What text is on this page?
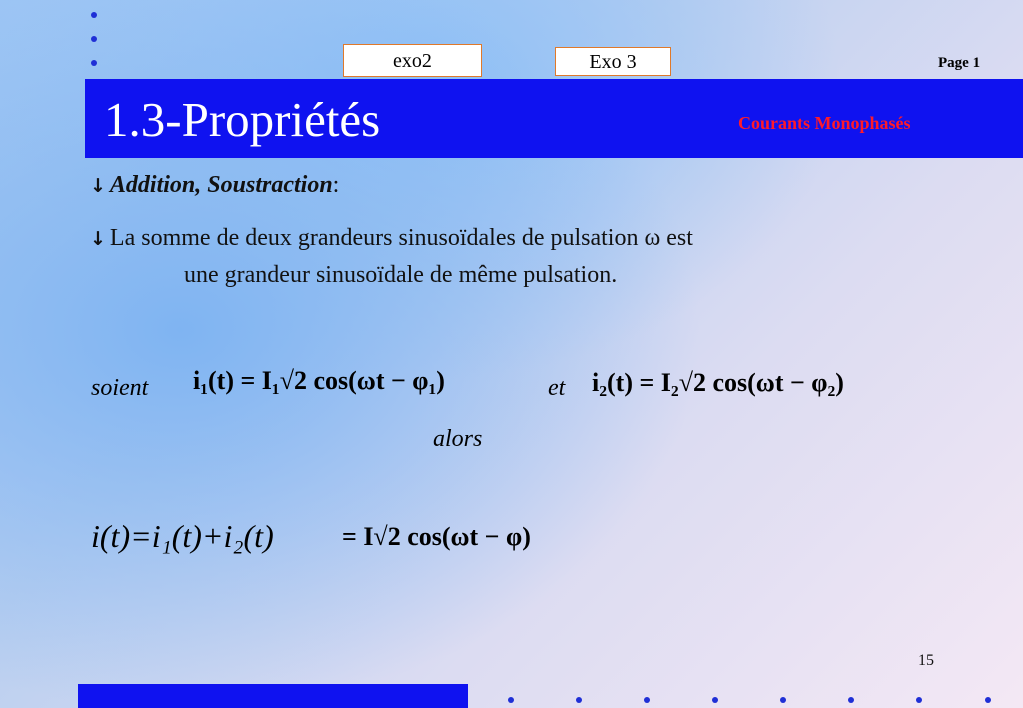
exo2	Exo 3	Page 1
1.3-Propriétés	Courants Monophasés
↓ Addition, Soustraction:
↓ La somme de deux grandeurs sinusoïdales de pulsation ω est
une grandeur sinusoïdale de même pulsation.
soient i₁(t) = I₁√2 cos(ωt − φ₁)	et i₂(t) = I₂√2 cos(ωt − φ₂)
alors
i(t)=i₁(t)+i₂(t)	= I√2 cos(ωt − φ)
15
